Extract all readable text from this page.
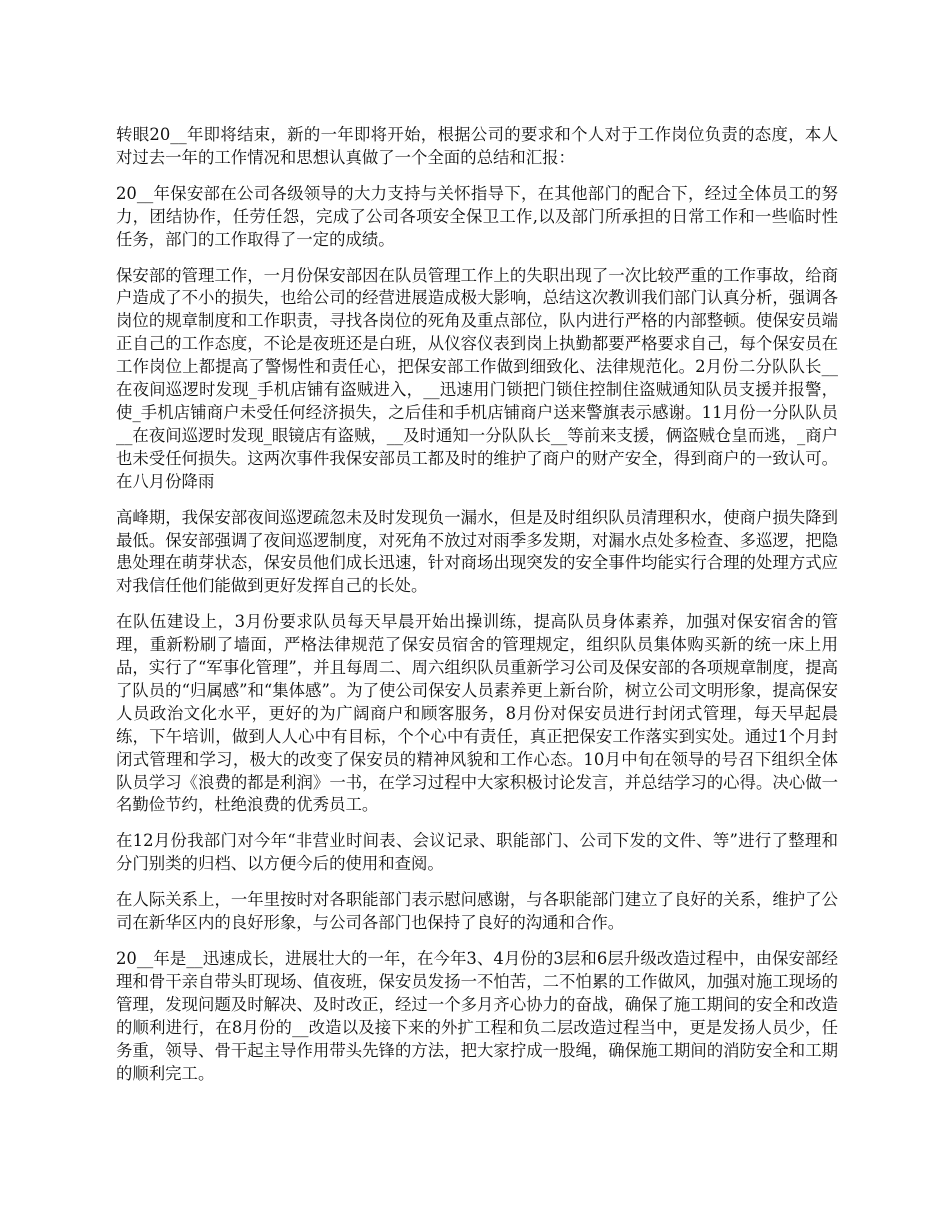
转眼20__年即将结束，新的一年即将开始，根据公司的要求和个人对于工作岗位负责的态度，本人对过去一年的工作情况和思想认真做了一个全面的总结和汇报：

20__年保安部在公司各级领导的大力支持与关怀指导下，在其他部门的配合下，经过全体员工的努力，团结协作，任劳任怨，完成了公司各项安全保卫工作,以及部门所承担的日常工作和一些临时性任务，部门的工作取得了一定的成绩。

保安部的管理工作，一月份保安部因在队员管理工作上的失职出现了一次比较严重的工作事故，给商户造成了不小的损失，也给公司的经营进展造成极大影响，总结这次教训我们部门认真分析，强调各岗位的规章制度和工作职责，寻找各岗位的死角及重点部位，队内进行严格的内部整顿。使保安员端正自己的工作态度，不论是夜班还是白班，从仪容仪表到岗上执勤都要严格要求自己，每个保安员在工作岗位上都提高了警惕性和责任心，把保安部工作做到细致化、法律规范化。2月份二分队队长__在夜间巡逻时发现_手机店铺有盗贼进入，__迅速用门锁把门锁住控制住盗贼通知队员支援并报警，使_手机店铺商户未受任何经济损失，之后佳和手机店铺商户送来警旗表示感谢。11月份一分队队员__在夜间巡逻时发现_眼镜店有盗贼，__及时通知一分队队长__等前来支援，俩盗贼仓皇而逃，_商户也未受任何损失。这两次事件我保安部员工都及时的维护了商户的财产安全，得到商户的一致认可。在八月份降雨

高峰期，我保安部夜间巡逻疏忽未及时发现负一漏水，但是及时组织队员清理积水，使商户损失降到最低。保安部强调了夜间巡逻制度，对死角不放过对雨季多发期，对漏水点处多检查、多巡逻，把隐患处理在萌芽状态，保安员他们成长迅速，针对商场出现突发的安全事件均能实行合理的处理方式应对我信任他们能做到更好发挥自己的长处。

在队伍建设上，3月份要求队员每天早晨开始出操训练，提高队员身体素养，加强对保安宿舍的管理，重新粉刷了墙面，严格法律规范了保安员宿舍的管理规定，组织队员集体购买新的统一床上用品，实行了“军事化管理”，并且每周二、周六组织队员重新学习公司及保安部的各项规章制度，提高了队员的“归属感”和“集体感”。为了使公司保安人员素养更上新台阶，树立公司文明形象，提高保安人员政治文化水平，更好的为广阔商户和顾客服务，8月份对保安员进行封闭式管理，每天早起晨练，下午培训，做到人人心中有目标，个个心中有责任，真正把保安工作落实到实处。通过1个月封闭式管理和学习，极大的改变了保安员的精神风貌和工作心态。10月中旬在领导的号召下组织全体队员学习《浪费的都是利润》一书，在学习过程中大家积极讨论发言，并总结学习的心得。决心做一名勤俭节约，杜绝浪费的优秀员工。

在12月份我部门对今年“非营业时间表、会议记录、职能部门、公司下发的文件、等”进行了整理和分门别类的归档、以方便今后的使用和查阅。

在人际关系上，一年里按时对各职能部门表示慰问感谢，与各职能部门建立了良好的关系，维护了公司在新华区内的良好形象，与公司各部门也保持了良好的沟通和合作。

20__年是__迅速成长，进展壮大的一年，在今年3、4月份的3层和6层升级改造过程中，由保安部经理和骨干亲自带头盯现场、值夜班，保安员发扬一不怕苦，二不怕累的工作做风，加强对施工现场的管理，发现问题及时解决、及时改正，经过一个多月齐心协力的奋战，确保了施工期间的安全和改造的顺利进行，在8月份的__改造以及接下来的外扩工程和负二层改造过程当中，更是发扬人员少，任务重，领导、骨干起主导作用带头先锋的方法，把大家拧成一股绳，确保施工期间的消防安全和工期的顺利完工。
